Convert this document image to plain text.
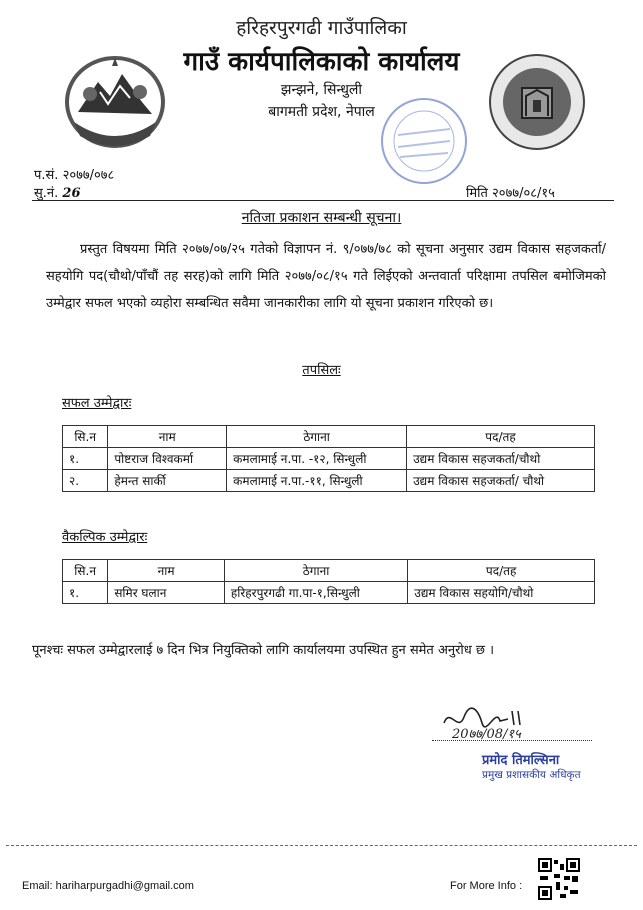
हरिहरपुरगढी गाउँपालिका
गाउँ कार्यपालिकाको कार्यालय
झन्झने, सिन्धुली
बागमती प्रदेश, नेपाल
प.सं. २०७७/०७८
सु.नं. 26	मिति २०७७/०८/१५
नतिजा प्रकाशन सम्बन्धी सूचना।
प्रस्तुत विषयमा मिति २०७७/०७/२५ गतेको विज्ञापन नं. ९/०७७/७८ को सूचना अनुसार उद्यम विकास सहजकर्ता/सहयोगि पद(चौथो/पाँचौं तह सरह)को लागि मिति २०७७/०८/१५ गते लिईएको अन्तवार्ता परिक्षामा तपसिल बमोजिमको उम्मेद्वार सफल भएको व्यहोरा सम्बन्धित सवैमा जानकारीका लागि यो सूचना प्रकाशन गरिएको छ।
तपसिलः
सफल उम्मेद्वारः
सि.न	नाम	ठेगाना	पद/तह
१.	पोष्टराज विश्वकर्मा	कमलामाई न.पा. -१२, सिन्धुली	उद्यम विकास सहजकर्ता/चौथो
२.	हेमन्त सार्की	कमलामाई न.पा.-११, सिन्धुली	उद्यम विकास सहजकर्ता/ चौथो
वैकल्पिक उम्मेद्वारः
सि.न	नाम	ठेगाना	पद/तह
१.	समिर घलान	हरिहरपुरगढी गा.पा-१,सिन्धुली	उद्यम विकास सहयोगि/चौथो
पूनश्चः सफल उम्मेद्वारलाई ७ दिन भित्र नियुक्तिको लागि कार्यालयमा उपस्थित हुन समेत अनुरोध छ ।
20७७/08/१५
प्रमोद तिमल्सिना
प्रमुख प्रशासकीय अधिकृत
Email: hariharpurgadhi@gmail.com	For More Info :
